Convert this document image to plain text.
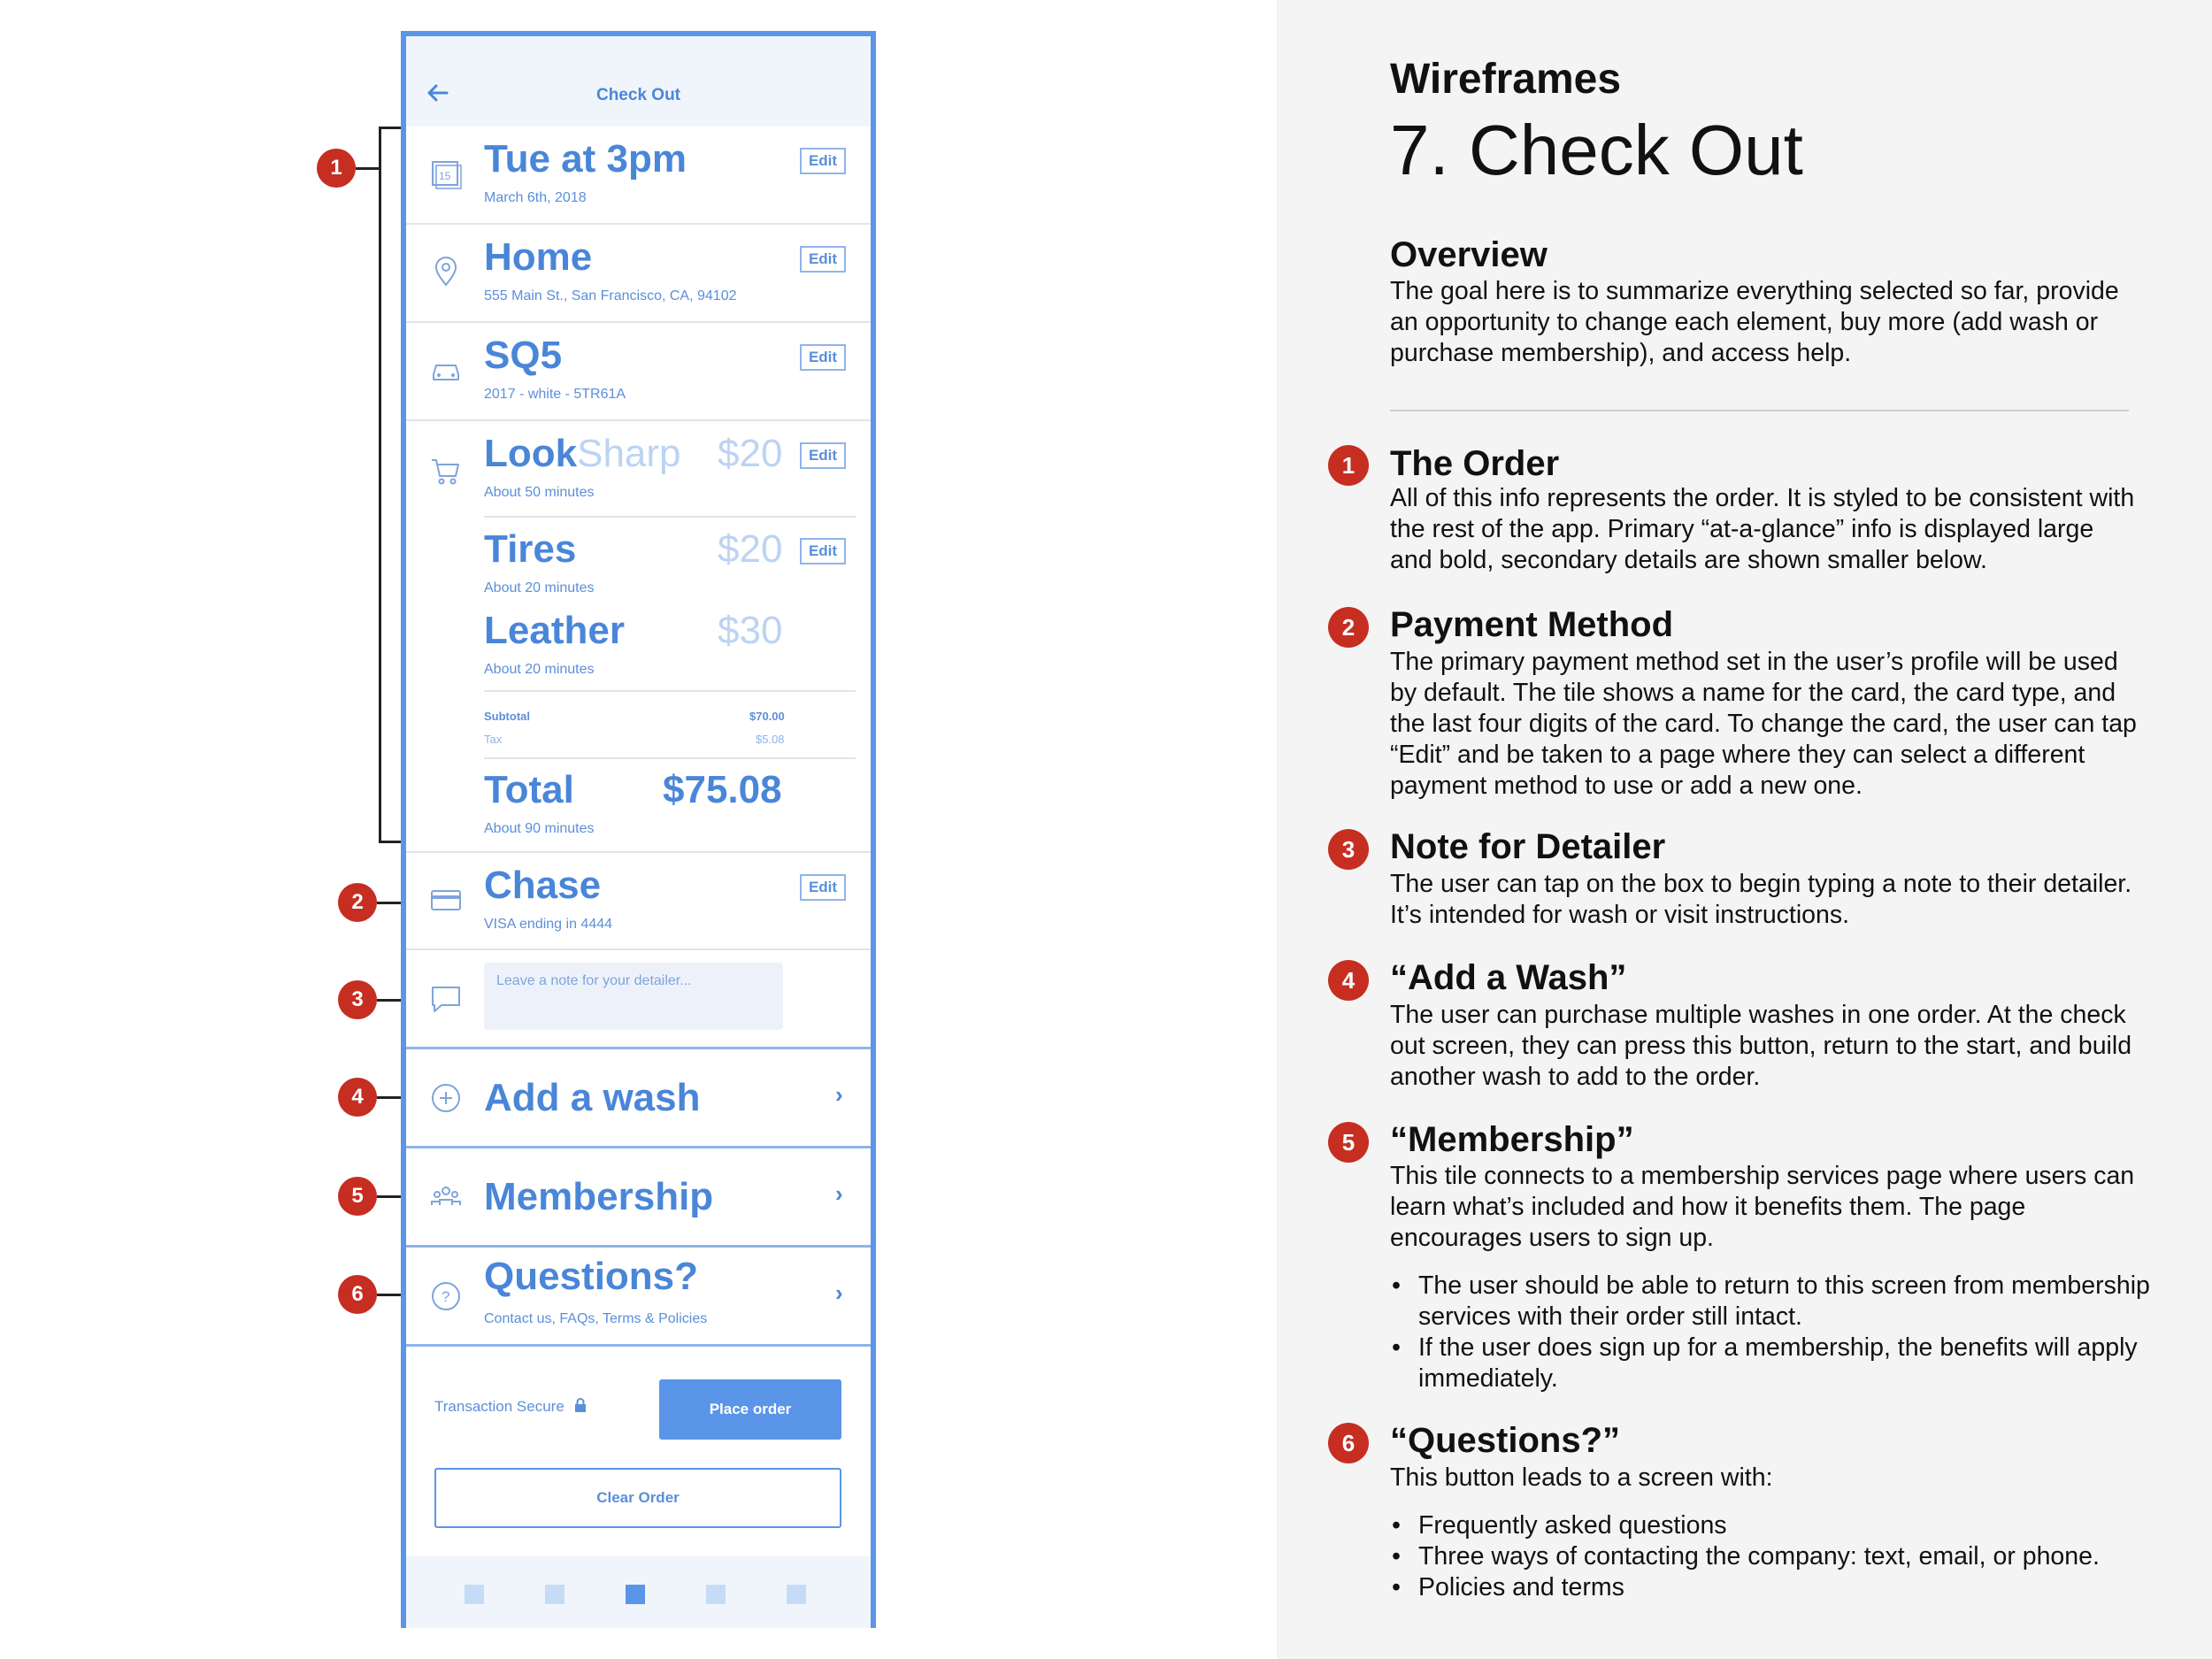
1
2
3
4
5
6
Check Out
15 Tue at 3pm
March 6th, 2018
Edit
Home
555 Main St., San Francisco, CA, 94102
Edit
SQ5
2017 - white - 5TR61A
Edit
LookSharp $20	Edit
About 50 minutes
Tires	$20	Edit
About 20 minutes
Leather $30
About 20 minutes
Subtotal	$70.00
Tax	$5.08
Total $75.08
About 90 minutes
Chase
VISA ending in 4444
Edit
Leave a note for your detailer...
Add a wash	›
Membership	›
? Questions?
Contact us, FAQs, Terms & Policies
›
Transaction Secure	Place order
Clear Order
Wireframes
7. Check Out
Overview
The goal here is to summarize everything selected so far, provide an opportunity to change each element, buy more (add wash or purchase membership), and access help.
1 The Order
All of this info represents the order. It is styled to be consistent with the rest of the app. Primary “at-a-glance” info is displayed large and bold, secondary details are shown smaller below.
2 Payment Method
The primary payment method set in the user’s profile will be used by default. The tile shows a name for the card, the card type, and the last four digits of the card. To change the card, the user can tap “Edit” and be taken to a page where they can select a different payment method to use or add a new one.
3 Note for Detailer
The user can tap on the box to begin typing a note to their detailer. It’s intended for wash or visit instructions.
4 “Add a Wash”
The user can purchase multiple washes in one order. At the check out screen, they can press this button, return to the start, and build another wash to add to the order.
5 “Membership”
This tile connects to a membership services page where users can learn what’s included and how it benefits them. The page encourages users to sign up.
• The user should be able to return to this screen from membership services with their order still intact.
• If the user does sign up for a membership, the benefits will apply immediately.
6 “Questions?”
This button leads to a screen with:
• Frequently asked questions
• Three ways of contacting the company: text, email, or phone.
• Policies and terms
